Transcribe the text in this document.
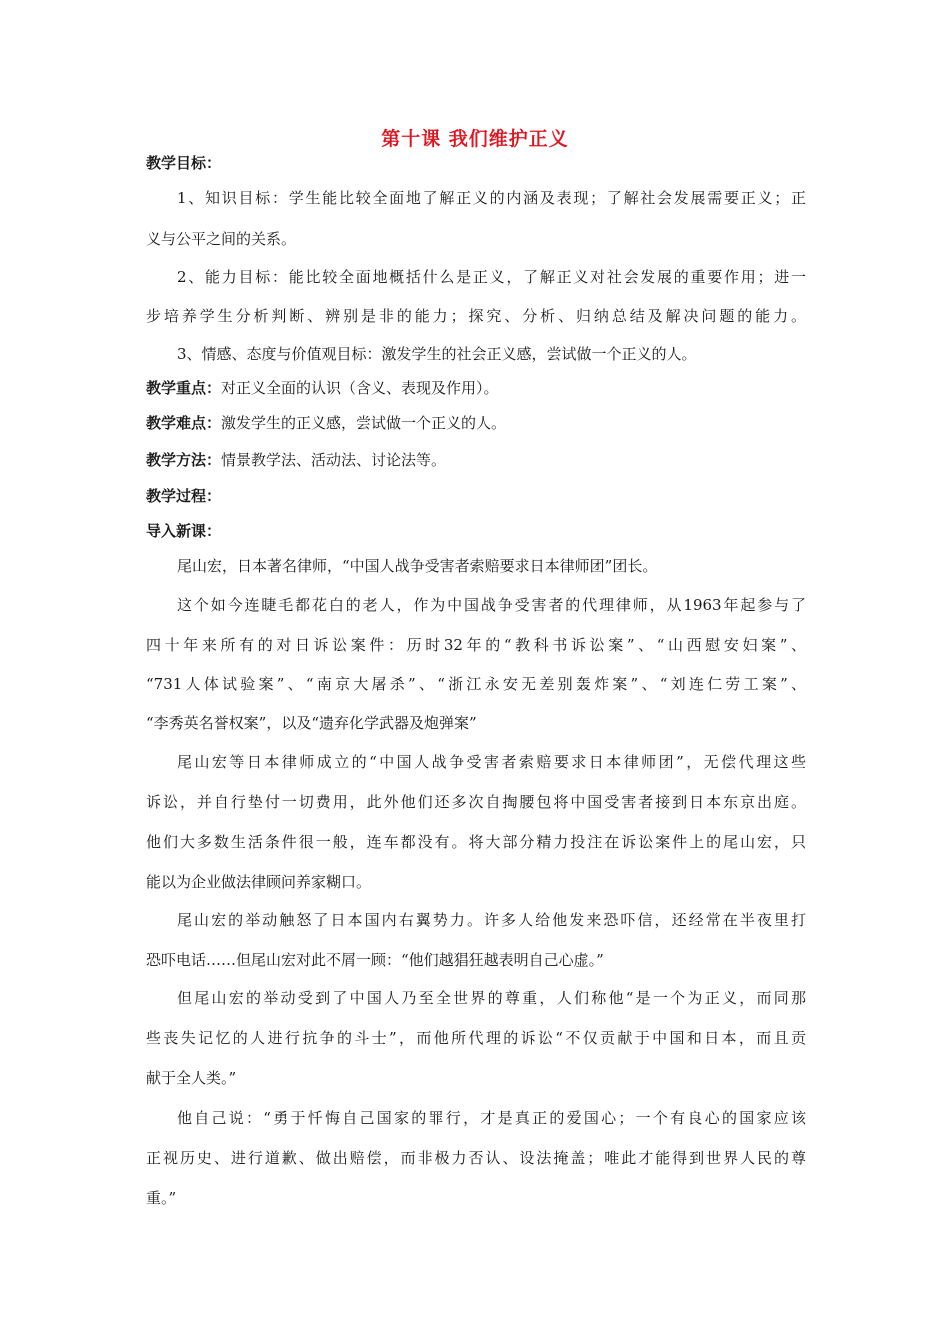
第十课 我们维护正义
教学目标：
1、知识目标：学生能比较全面地了解正义的内涵及表现；了解社会发展需要正义；正
义与公平之间的关系。
2、能力目标：能比较全面地概括什么是正义，了解正义对社会发展的重要作用；进一
步培养学生分析判断、辨别是非的能力；探究、分析、归纳总结及解决问题的能力。
3、情感、态度与价值观目标：激发学生的社会正义感，尝试做一个正义的人。
教学重点：对正义全面的认识（含义、表现及作用）。
教学难点：激发学生的正义感，尝试做一个正义的人。
教学方法：情景教学法、活动法、讨论法等。
教学过程：
导入新课：
尾山宏，日本著名律师，“中国人战争受害者索赔要求日本律师团”团长。
这个如今连睫毛都花白的老人，作为中国战争受害者的代理律师，从1963年起参与了
四十年来所有的对日诉讼案件：历时32年的“教科书诉讼案”、“山西慰安妇案”、
“731人体试验案”、“南京大屠杀”、“浙江永安无差别轰炸案”、“刘连仁劳工案”、
“李秀英名誉权案”，以及“遗弃化学武器及炮弹案”
尾山宏等日本律师成立的“中国人战争受害者索赔要求日本律师团”，无偿代理这些
诉讼，并自行垫付一切费用，此外他们还多次自掏腰包将中国受害者接到日本东京出庭。
他们大多数生活条件很一般，连车都没有。将大部分精力投注在诉讼案件上的尾山宏，只
能以为企业做法律顾问养家糊口。
尾山宏的举动触怒了日本国内右翼势力。许多人给他发来恐吓信，还经常在半夜里打
恐吓电话……但尾山宏对此不屑一顾：“他们越猖狂越表明自己心虚。”
但尾山宏的举动受到了中国人乃至全世界的尊重，人们称他“是一个为正义，而同那
些丧失记忆的人进行抗争的斗士”，而他所代理的诉讼“不仅贡献于中国和日本，而且贡
献于全人类。”
他自己说：“勇于忏悔自己国家的罪行，才是真正的爱国心；一个有良心的国家应该
正视历史、进行道歉、做出赔偿，而非极力否认、设法掩盖；唯此才能得到世界人民的尊
重。”
